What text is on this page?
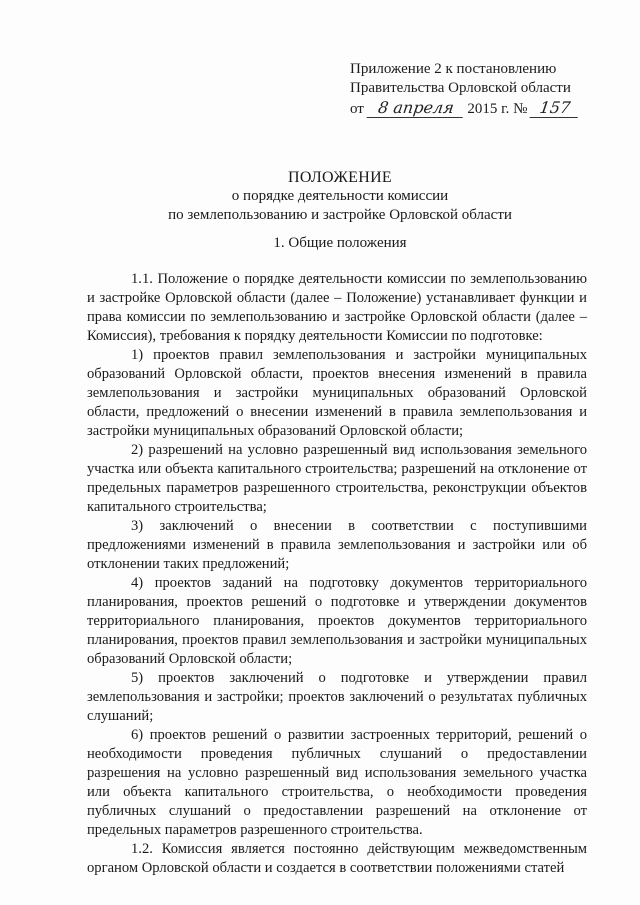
Приложение 2 к постановлению
Правительства Орловской области
от 8 апреля 2015 г. № 157
ПОЛОЖЕНИЕ
о порядке деятельности комиссии
по землепользованию и застройке Орловской области
1. Общие положения

1.1. Положение о порядке деятельности комиссии по землепользованию и застройке Орловской области (далее – Положение) устанавливает функции и права комиссии по землепользованию и застройке Орловской области (далее – Комиссия), требования к порядку деятельности Комиссии по подготовке:

1) проектов правил землепользования и застройки муниципальных образований Орловской области, проектов внесения изменений в правила землепользования и застройки муниципальных образований Орловской области, предложений о внесении изменений в правила землепользования и застройки муниципальных образований Орловской области;

2) разрешений на условно разрешенный вид использования земельного участка или объекта капитального строительства; разрешений на отклонение от предельных параметров разрешенного строительства, реконструкции объектов капитального строительства;

3) заключений о внесении в соответствии с поступившими предложениями изменений в правила землепользования и застройки или об отклонении таких предложений;

4) проектов заданий на подготовку документов территориального планирования, проектов решений о подготовке и утверждении документов территориального планирования, проектов документов территориального планирования, проектов правил землепользования и застройки муниципальных образований Орловской области;

5) проектов заключений о подготовке и утверждении правил землепользования и застройки; проектов заключений о результатах публичных слушаний;

6) проектов решений о развитии застроенных территорий, решений о необходимости проведения публичных слушаний о предоставлении разрешения на условно разрешенный вид использования земельного участка или объекта капитального строительства, о необходимости проведения публичных слушаний о предоставлении разрешений на отклонение от предельных параметров разрешенного строительства.

1.2. Комиссия является постоянно действующим межведомственным органом Орловской области и создается в соответствии положениями статей
